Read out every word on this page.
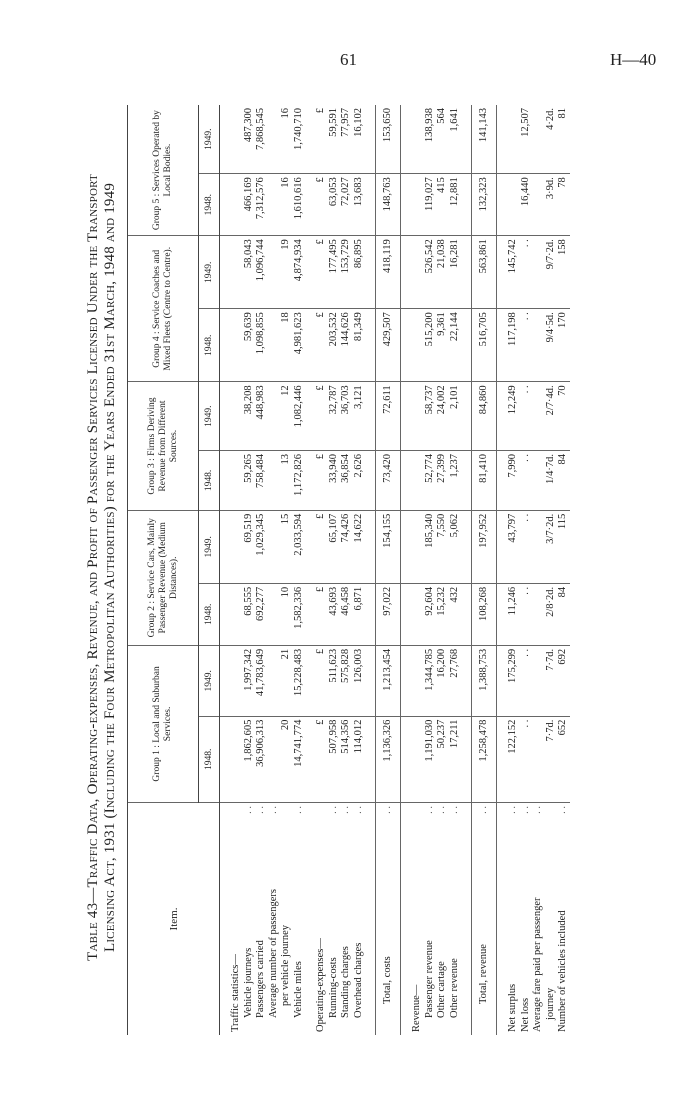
61	H—40
Table 43—Traffic Data, Operating-expenses, Revenue, and Profit of Passenger Services Licensed Under the Transport Licensing Act, 1931 (Including the Four Metropolitan Authorities) for the Years Ended 31st March, 1948 and 1949	Item.	Group 1 : Local and Suburban Services.		Group 2 : Service Cars, Mainly Passenger Revenue (Medium Distances).		Group 3 : Firms Deriving Revenue from Different Sources.		Group 4 : Service Coaches and Mixed Fleets (Centre to Centre).		Group 5 : Services Operated by Local Bodies.	
	1948.	1949.	1948.	1949.	1948.	1949.	1948.	1949.	1948.	1949.

Traffic statistics—										

. .
Vehicle journeys	1,862,605	1,997,342	68,555	69,519	59,265	38,208	59,639	58,043	466,169	487,300

. .
Passengers carried	36,906,313	41,783,649	692,277	1,029,345	758,484	448,983	1,098,855	1,096,744	7,312,576	7,868,545

. .
Average number of passengers per vehicle journey	20	21	10	15	13	12	18	19	16	16

. .
Vehicle miles	14,741,774	15,228,483	1,582,336	2,033,594	1,172,826	1,082,446	4,981,623	4,874,934	1,610,616	1,740,710

Operating-expenses—	£	£	£	£	£	£	£	£	£	£

. .
Running-costs	507,958	511,623	43,693	65,107	33,940	32,787	203,532	177,495	63,053	59,591

. .
Standing charges	514,356	575,828	46,458	74,426	36,854	36,703	144,626	153,729	72,027	77,957

. .
Overhead charges	114,012	126,003	6,871	14,622	2,626	3,121	81,349	86,895	13,683	16,102

. .
Total, costs	1,136,326	1,213,454	97,022	154,155	73,420	72,611	429,507	418,119	148,763	153,650

Revenue—										

. .
Passenger revenue	1,191,030	1,344,785	92,604	185,340	52,774	58,737	515,200	526,542	119,027	138,938

. .
Other cartage	50,237	16,200	15,232	7,550	27,399	24,002	9,361	21,038	415	564

. .
Other revenue	17,211	27,768	432	5,062	1,237	2,101	22,144	16,281	12,881	1,641

. .
Total, revenue	1,258,478	1,388,753	108,268	197,952	81,410	84,860	516,705	563,861	132,323	141,143

. .
Net surplus	122,152	175,299	11,246	43,797	7,990	12,249	117,198	145,742		

. .
Net loss	. .	. .	. .	. .	. .	. .	. .	. .	16,440	12,507

. .
Average fare paid per passenger journey	7·7d.	7·7d.	2/8·2d.	3/7·2d.	1/4·7d.	2/7·4d.	9/4·5d.	9/7·2d.	3·9d.	4·2d.

. .
Number of vehicles included	652	692	84	115	84	70	170	158	78	81
